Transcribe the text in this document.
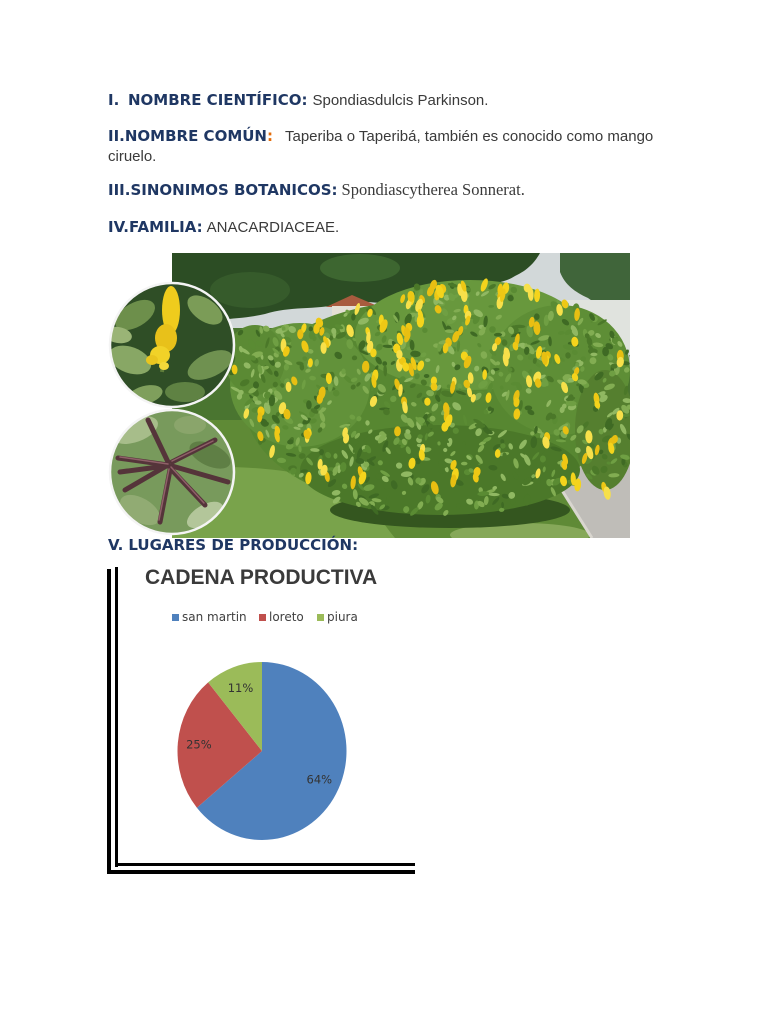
I. NOMBRE CIENTÍFICO: Spondiasdulcis Parkinson.
II.NOMBRE COMÚN: Taperiba o Taperibá, también es conocido como mango ciruelo.
III.SINONIMOS BOTANICOS: Spondiascytherea Sonnerat.
IV.FAMILIA: ANACARDIACEAE.
V. LUGARES DE PRODUCCIÓN:
CADENA PRODUCTIVA
san martin	loreto	piura
64%
25%
11%
